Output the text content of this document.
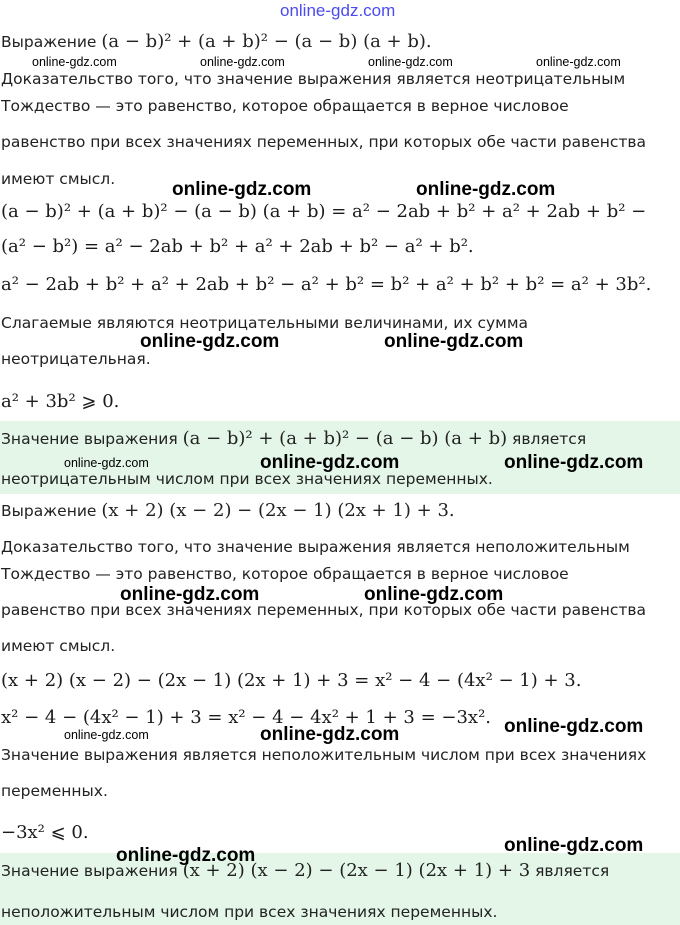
online-gdz.com
Выражение (a − b)² + (a + b)² − (a − b) (a + b).
Доказательство того, что значение выражения является неотрицательным
Тождество — это равенство, которое обращается в верное числовое
равенство при всех значениях переменных, при которых обе части равенства
имеют смысл.
(a − b)² + (a + b)² − (a − b) (a + b) = a² − 2ab + b² + a² + 2ab + b² −
(a² − b²) = a² − 2ab + b² + a² + 2ab + b² − a² + b².
a² − 2ab + b² + a² + 2ab + b² − a² + b² = b² + a² + b² + b² = a² + 3b².
Слагаемые являются неотрицательными величинами, их сумма
неотрицательная.
a² + 3b² ⩾ 0.
Значение выражения (a − b)² + (a + b)² − (a − b) (a + b) является
неотрицательным числом при всех значениях переменных.
Выражение (x + 2) (x − 2) − (2x − 1) (2x + 1) + 3.
Доказательство того, что значение выражения является неположительным
Тождество — это равенство, которое обращается в верное числовое
равенство при всех значениях переменных, при которых обе части равенства
имеют смысл.
(x + 2) (x − 2) − (2x − 1) (2x + 1) + 3 = x² − 4 − (4x² − 1) + 3.
x² − 4 − (4x² − 1) + 3 = x² − 4 − 4x² + 1 + 3 = −3x².
Значение выражения является неположительным числом при всех значениях
переменных.
−3x² ⩽ 0.
Значение выражения (x + 2) (x − 2) − (2x − 1) (2x + 1) + 3 является
неположительным числом при всех значениях переменных.
online-gdz.com	online-gdz.com	online-gdz.com	online-gdz.com
online-gdz.com	online-gdz.com
online-gdz.com	online-gdz.com
online-gdz.com	online-gdz.com	online-gdz.com
online-gdz.com	online-gdz.com
online-gdz.com
online-gdz.com	online-gdz.com
online-gdz.com
online-gdz.com
